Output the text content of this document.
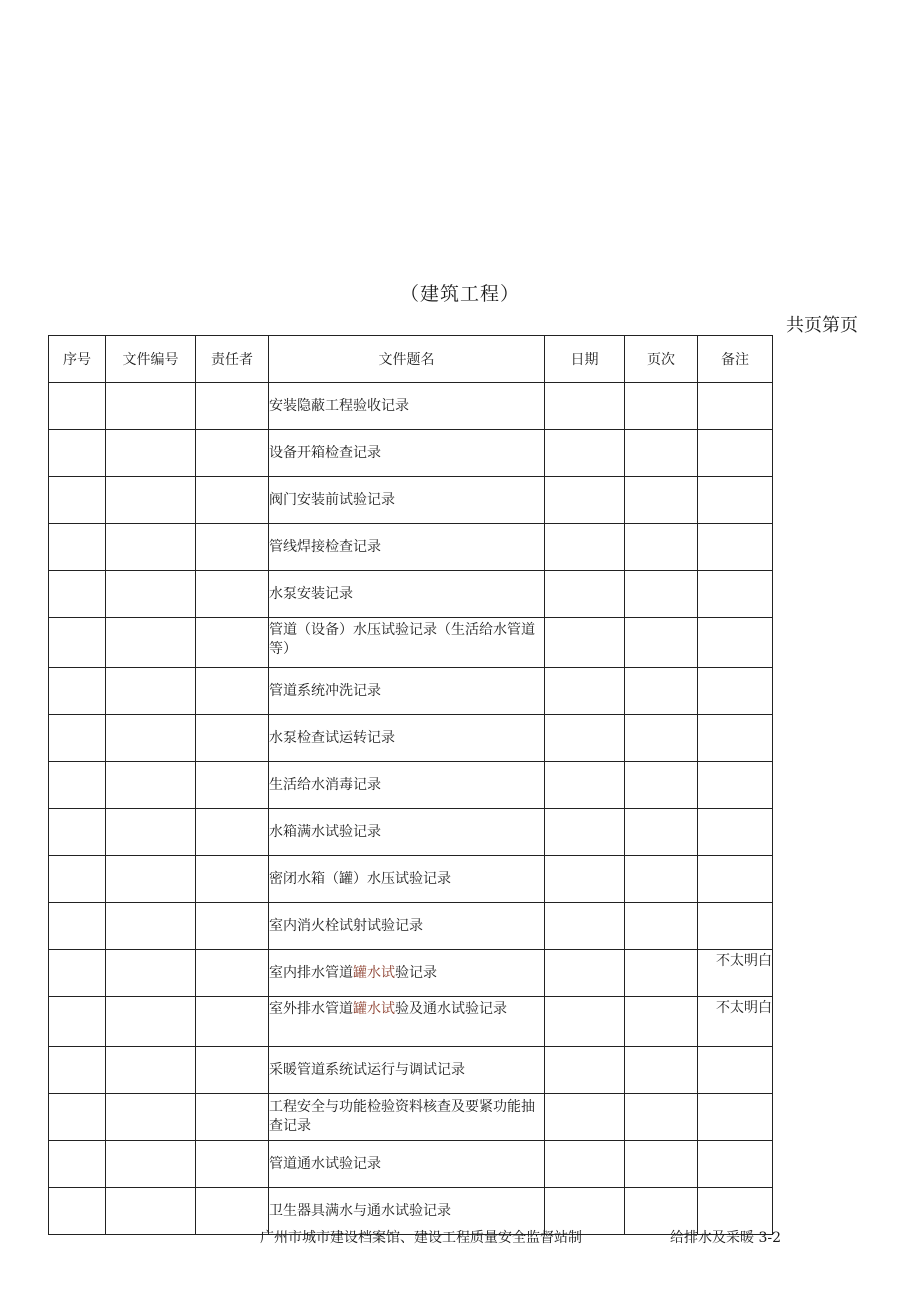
（建筑工程）
共页第页
序号	文件编号	责任者	文件题名	日期	页次	备注
			安装隐蔽工程验收记录			
			设备开箱检查记录			
			阀门安装前试验记录			
			管线焊接检查记录			
			水泵安装记录			
			管道（设备）水压试验记录（生活给水管道等）			
			管道系统冲洗记录			
			水泵检查试运转记录			
			生活给水消毒记录			
			水箱满水试验记录			
			密闭水箱（罐）水压试验记录			
			室内消火栓试射试验记录			
			室内排水管道罐水试验记录			不太明白
			室外排水管道罐水试验及通水试验记录			不太明白
			采暖管道系统试运行与调试记录			
			工程安全与功能检验资料核查及要紧功能抽查记录			
			管道通水试验记录			
			卫生器具满水与通水试验记录			
广州市城市建设档案馆、建设工程质量安全监督站制	给排水及采暖 3-2
